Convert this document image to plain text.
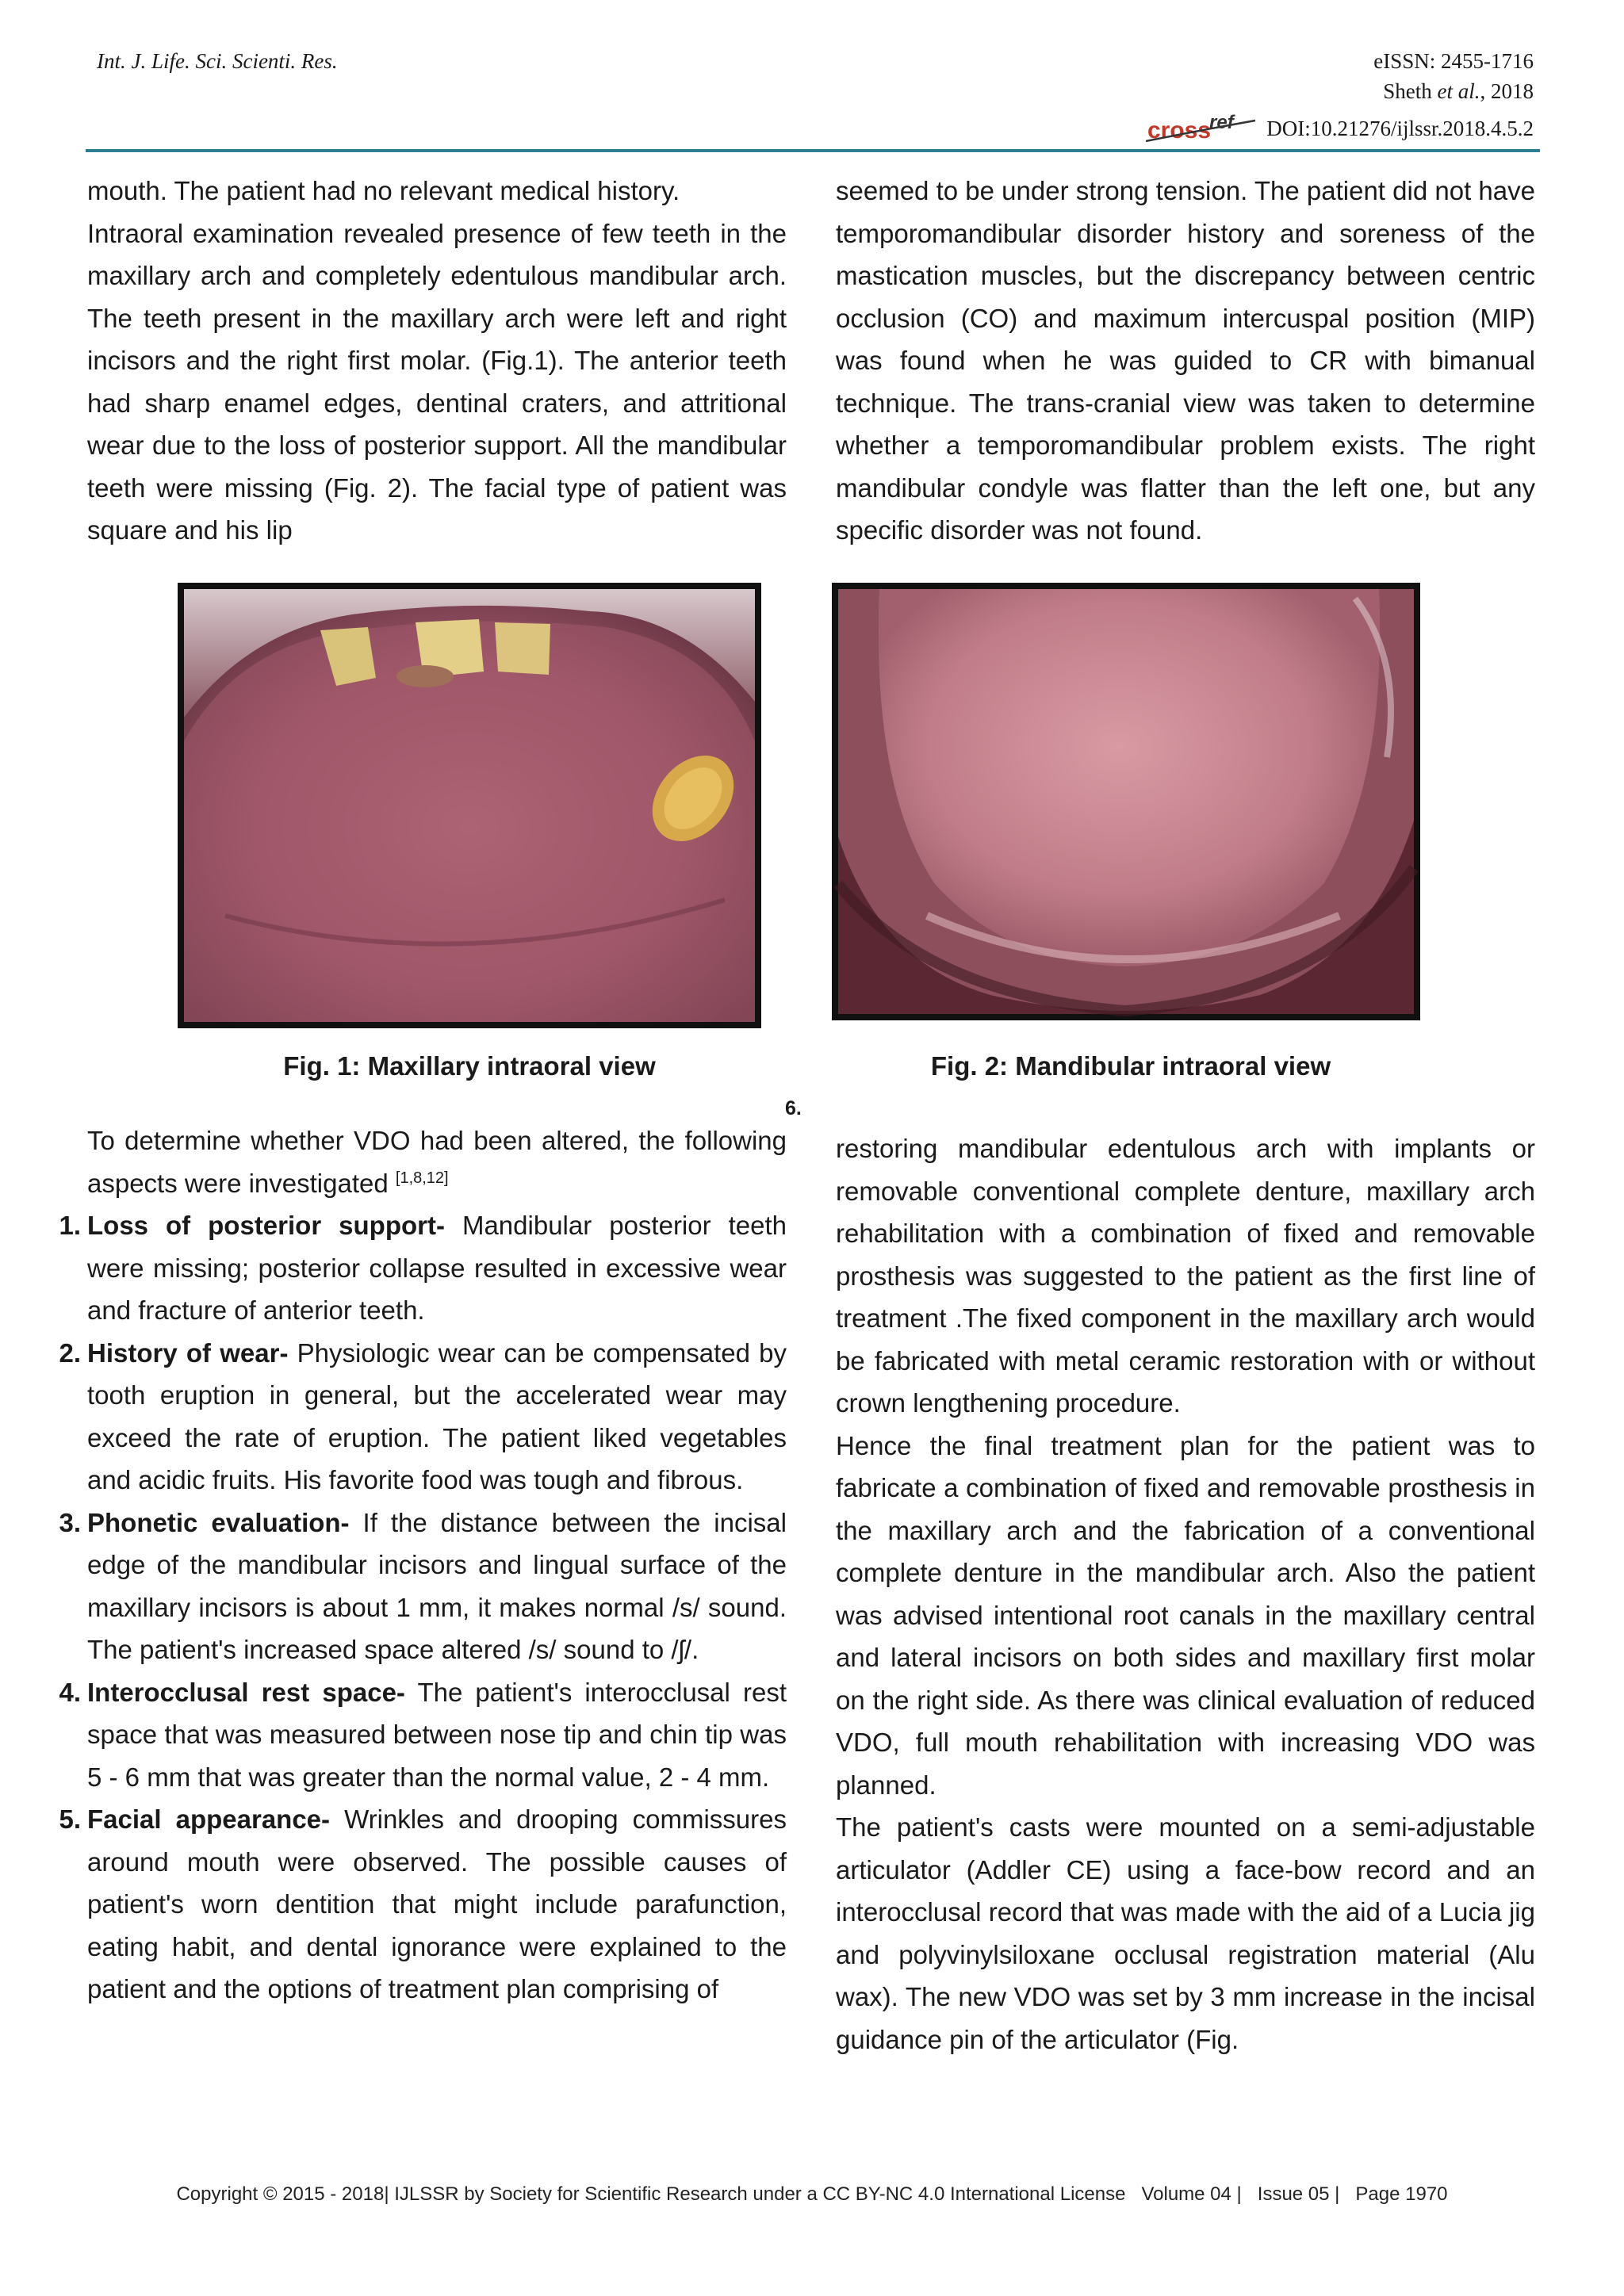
Int. J. Life. Sci. Scienti. Res.	eISSN: 2455-1716
Sheth et al., 2018
cross
ref DOI:10.21276/ijlssr.2018.4.5.2

mouth. The patient had no relevant medical history.

Intraoral examination revealed presence of few teeth in the maxillary arch and completely edentulous mandibular arch. The teeth present in the maxillary arch were left and right incisors and the right first molar. (Fig.1). The anterior teeth had sharp enamel edges, dentinal craters, and attritional wear due to the loss of posterior support. All the mandibular teeth were missing (Fig. 2). The facial type of patient was square and his lip

seemed to be under strong tension. The patient did not have temporomandibular disorder history and soreness of the mastication muscles, but the discrepancy between centric occlusion (CO) and maximum intercuspal position (MIP) was found when he was guided to CR with bimanual technique. The trans-cranial view was taken to determine whether a temporomandibular problem exists. The right mandibular condyle was flatter than the left one, but any specific disorder was not found.

Fig. 1: Maxillary intraoral view	Fig. 2: Mandibular intraoral view
6.

To determine whether VDO had been altered, the following aspects were investigated [1,8,12]

1. Loss of posterior support- Mandibular posterior teeth were missing; posterior collapse resulted in excessive wear and fracture of anterior teeth.
2. History of wear- Physiologic wear can be compensated by tooth eruption in general, but the accelerated wear may exceed the rate of eruption. The patient liked vegetables and acidic fruits. His favorite food was tough and fibrous.
3. Phonetic evaluation- If the distance between the incisal edge of the mandibular incisors and lingual surface of the maxillary incisors is about 1 mm, it makes normal /s/ sound. The patient's increased space altered /s/ sound to /ʃ/.
4. Interocclusal rest space- The patient's interocclusal rest space that was measured between nose tip and chin tip was 5 - 6 mm that was greater than the normal value, 2 - 4 mm.
5. Facial appearance- Wrinkles and drooping commissures around mouth were observed. The possible causes of patient's worn dentition that might include parafunction, eating habit, and dental ignorance were explained to the patient and the options of treatment plan comprising of

restoring mandibular edentulous arch with implants or removable conventional complete denture, maxillary arch rehabilitation with a combination of fixed and removable prosthesis was suggested to the patient as the first line of treatment .The fixed component in the maxillary arch would be fabricated with metal ceramic restoration with or without crown lengthening procedure.

Hence the final treatment plan for the patient was to fabricate a combination of fixed and removable prosthesis in the maxillary arch and the fabrication of a conventional complete denture in the mandibular arch. Also the patient was advised intentional root canals in the maxillary central and lateral incisors on both sides and maxillary first molar on the right side. As there was clinical evaluation of reduced VDO, full mouth rehabilitation with increasing VDO was planned.

The patient's casts were mounted on a semi-adjustable articulator (Addler CE) using a face-bow record and an interocclusal record that was made with the aid of a Lucia jig and polyvinylsiloxane occlusal registration material (Alu wax). The new VDO was set by 3 mm increase in the incisal guidance pin of the articulator (Fig.

Copyright © 2015 - 2018| IJLSSR by Society for Scientific Research under a CC BY-NC 4.0 International License   Volume 04 |   Issue 05 |   Page 1970
